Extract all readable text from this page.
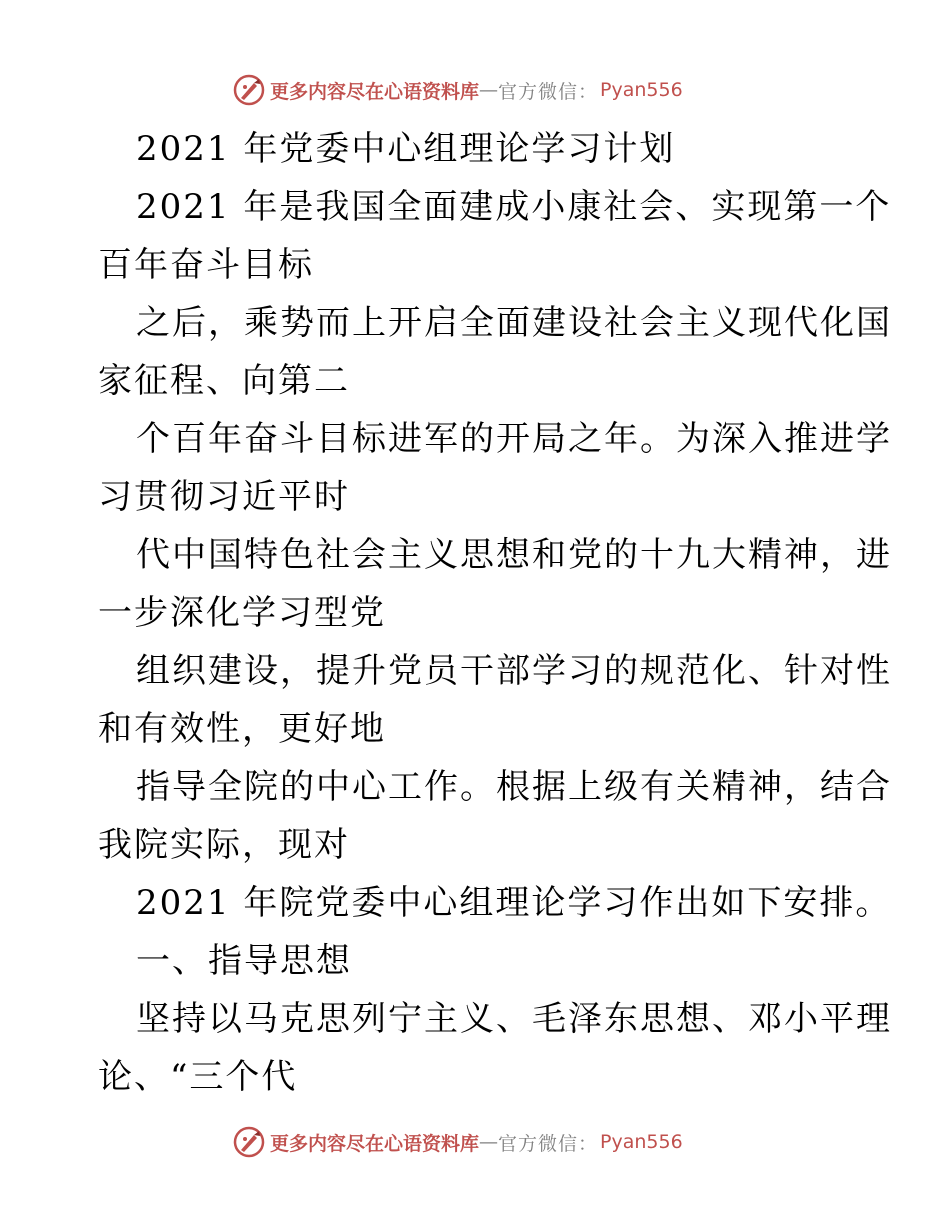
更多内容尽在心语资料库 — 官方微信： Pyan556
2021 年党委中心组理论学习计划
2021 年是我国全面建成小康社会、实现第一个
百年奋斗目标
之后，乘势而上开启全面建设社会主义现代化国
家征程、向第二
个百年奋斗目标进军的开局之年。为深入推进学
习贯彻习近平时
代中国特色社会主义思想和党的十九大精神，进
一步深化学习型党
组织建设，提升党员干部学习的规范化、针对性
和有效性，更好地
指导全院的中心工作。根据上级有关精神，结合
我院实际，现对
2021 年院党委中心组理论学习作出如下安排。
一、指导思想
坚持以马克思列宁主义、毛泽东思想、邓小平理
论、“三个代
更多内容尽在心语资料库 — 官方微信： Pyan556
